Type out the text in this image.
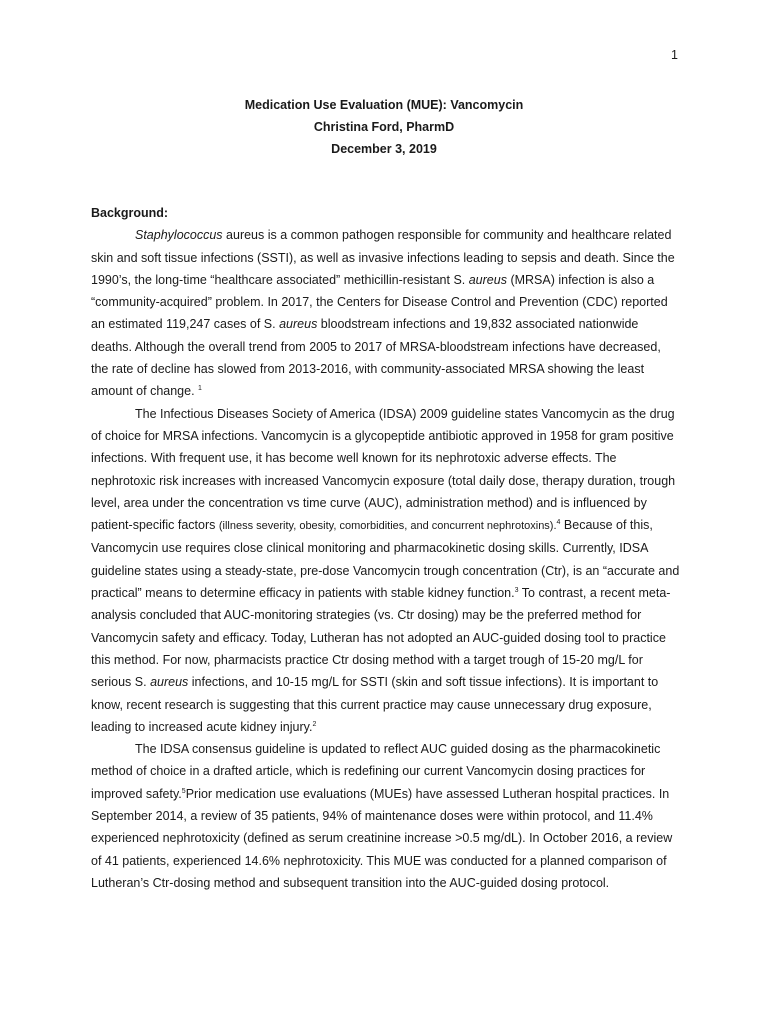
1
Medication Use Evaluation (MUE): Vancomycin
Christina Ford, PharmD
December 3, 2019

Background:

Staphylococcus aureus is a common pathogen responsible for community and healthcare related skin and soft tissue infections (SSTI), as well as invasive infections leading to sepsis and death. Since the 1990’s, the long-time “healthcare associated” methicillin-resistant S. aureus (MRSA) infection is also a “community-acquired” problem. In 2017, the Centers for Disease Control and Prevention (CDC) reported an estimated 119,247 cases of S. aureus bloodstream infections and 19,832 associated nationwide deaths. Although the overall trend from 2005 to 2017 of MRSA-bloodstream infections have decreased, the rate of decline has slowed from 2013-2016, with community-associated MRSA showing the least amount of change. $^1$

The Infectious Diseases Society of America (IDSA) 2009 guideline states Vancomycin as the drug of choice for MRSA infections. Vancomycin is a glycopeptide antibiotic approved in 1958 for gram positive infections. With frequent use, it has become well known for its nephrotoxic adverse effects. The nephrotoxic risk increases with increased Vancomycin exposure (total daily dose, therapy duration, trough level, area under the concentration vs time curve (AUC), administration method) and is influenced by patient-specific factors (illness severity, obesity, comorbidities, and concurrent nephrotoxins).$^4$ Because of this, Vancomycin use requires close clinical monitoring and pharmacokinetic dosing skills. Currently, IDSA guideline states using a steady-state, pre-dose Vancomycin trough concentration (Ctr), is an “accurate and practical” means to determine efficacy in patients with stable kidney function.$^3$ To contrast, a recent meta-analysis concluded that AUC-monitoring strategies (vs. Ctr dosing) may be the preferred method for Vancomycin safety and efficacy. Today, Lutheran has not adopted an AUC-guided dosing tool to practice this method. For now, pharmacists practice Ctr dosing method with a target trough of 15-20 mg/L for serious S. aureus infections, and 10-15 mg/L for SSTI (skin and soft tissue infections). It is important to know, recent research is suggesting that this current practice may cause unnecessary drug exposure, leading to increased acute kidney injury.$^2$

The IDSA consensus guideline is updated to reflect AUC guided dosing as the pharmacokinetic method of choice in a drafted article, which is redefining our current Vancomycin dosing practices for improved safety.$^5$Prior medication use evaluations (MUEs) have assessed Lutheran hospital practices. In September 2014, a review of 35 patients, 94% of maintenance doses were within protocol, and 11.4% experienced nephrotoxicity (defined as serum creatinine increase >0.5 mg/dL). In October 2016, a review of 41 patients, experienced 14.6% nephrotoxicity. This MUE was conducted for a planned comparison of Lutheran’s Ctr-dosing method and subsequent transition into the AUC-guided dosing protocol.
